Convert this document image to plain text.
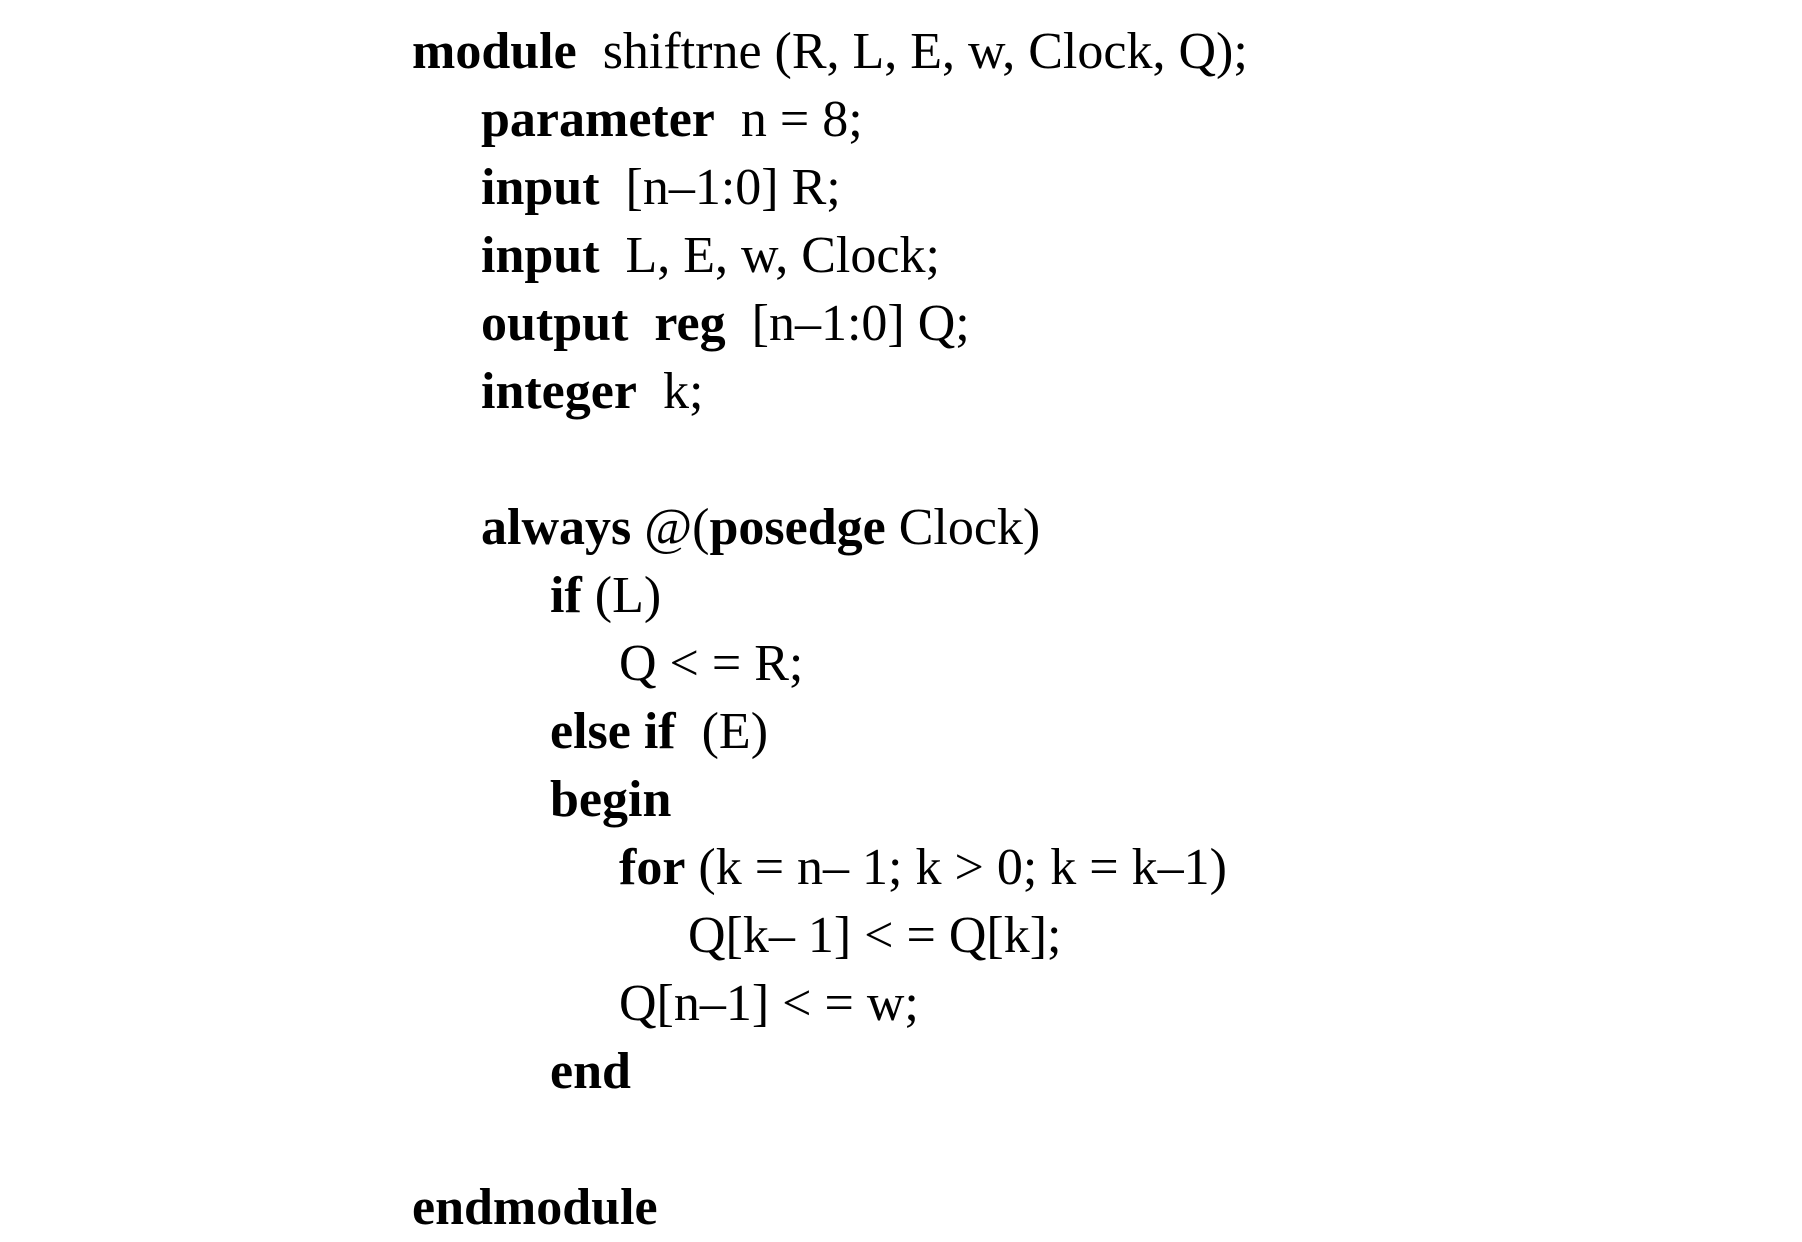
module  shiftrne (R, L, E, w, Clock, Q);
parameter  n = 8;
input  [n–1:0] R;
input  L, E, w, Clock;
output reg  [n–1:0] Q;
integer  k;
always @(posedge Clock)
if (L)
Q < = R;
else if  (E)
begin
for (k = n– 1; k > 0; k = k–1)
Q[k– 1] < = Q[k];
Q[n–1] < = w;
end
endmodule
